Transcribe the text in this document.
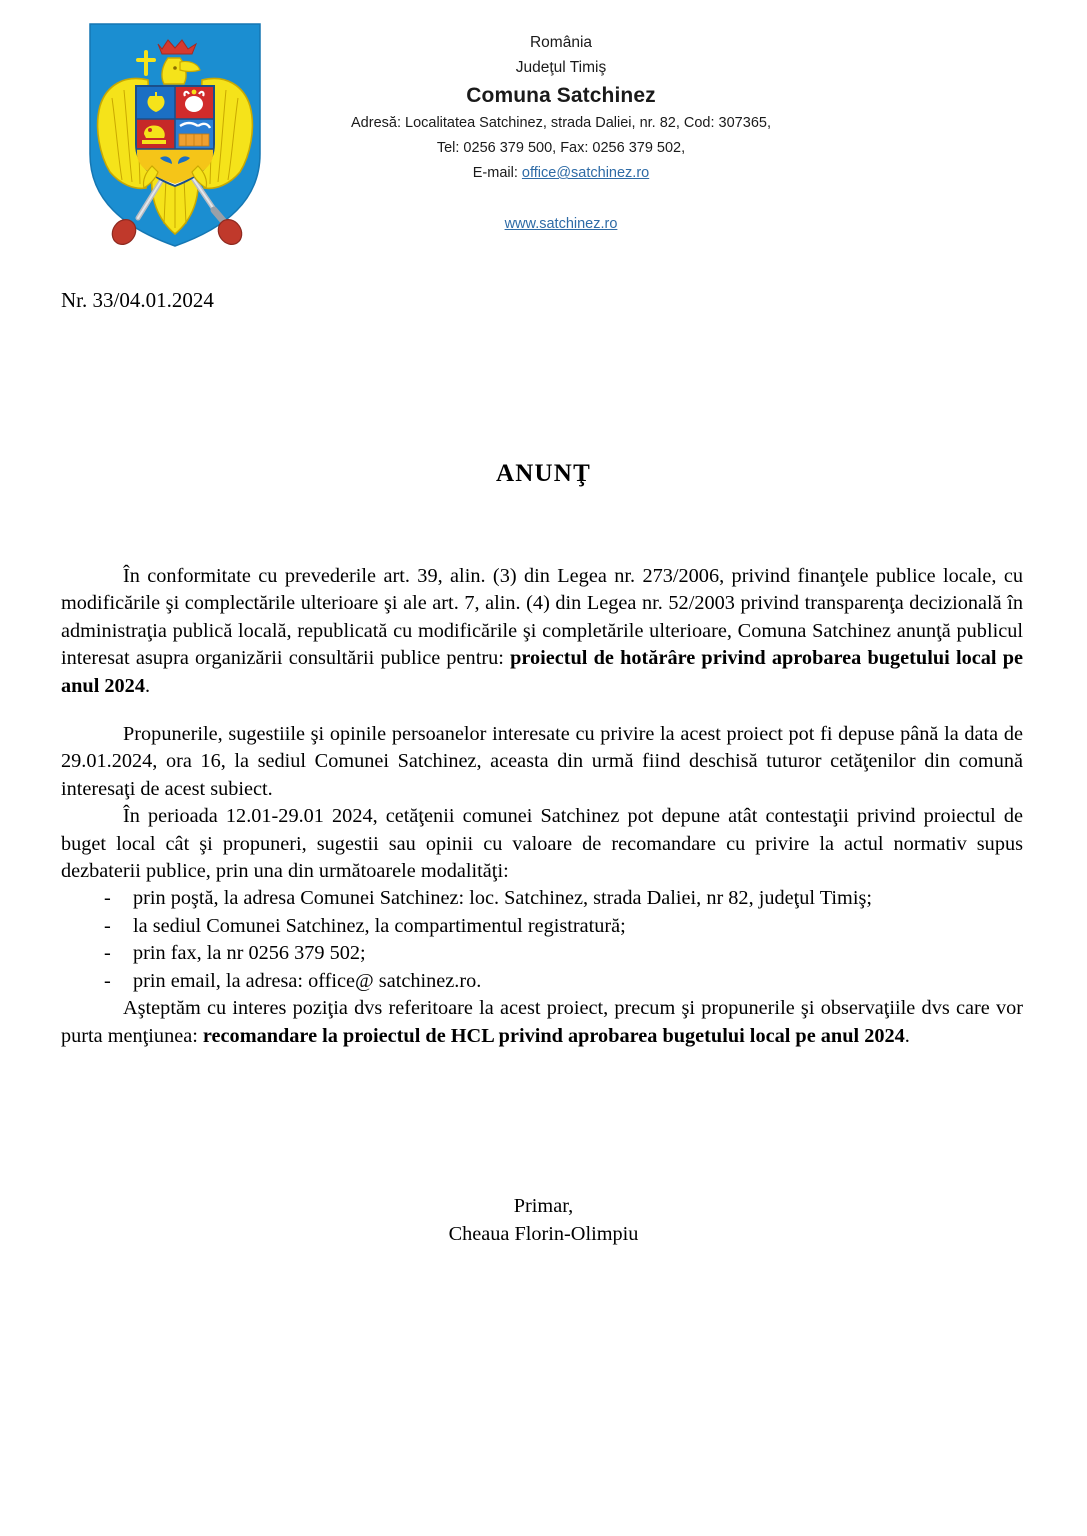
România
Judeţul Timiş
Comuna Satchinez
Adresă: Localitatea Satchinez, strada Daliei, nr. 82, Cod: 307365,
Tel: 0256 379 500, Fax: 0256 379 502,
E-mail: office@satchinez.ro
www.satchinez.ro
Nr. 33/04.01.2024
ANUNŢ

În conformitate cu prevederile art. 39, alin. (3) din Legea nr. 273/2006, privind finanţele publice locale, cu modificările şi complectările ulterioare şi ale art. 7, alin. (4) din Legea nr. 52/2003 privind transparenţa decizională în administraţia publică locală, republicată cu modificările şi completările ulterioare, Comuna Satchinez anunţă publicul interesat asupra organizării consultării publice pentru: proiectul de hotărâre privind aprobarea bugetului local pe anul 2024.

Propunerile, sugestiile şi opinile persoanelor interesate cu privire la acest proiect pot fi depuse până la data de 29.01.2024, ora 16, la sediul Comunei Satchinez, aceasta din urmă fiind deschisă tuturor cetăţenilor din comună interesaţi de acest subiect.

În perioada 12.01-29.01 2024, cetăţenii comunei Satchinez pot depune atât contestaţii privind proiectul de buget local cât şi propuneri, sugestii sau opinii cu valoare de recomandare cu privire la actul normativ supus dezbaterii publice, prin una din următoarele modalităţi:

- prin poştă, la adresa Comunei Satchinez: loc. Satchinez, strada Daliei, nr 82, judeţul Timiş;
- la sediul Comunei Satchinez, la compartimentul registratură;
- prin fax, la nr 0256 379 502;
- prin email, la adresa: office@ satchinez.ro.

Aşteptăm cu interes poziţia dvs referitoare la acest proiect, precum şi propunerile şi observaţiile dvs care vor purta menţiunea: recomandare la proiectul de HCL privind aprobarea bugetului local pe anul 2024.

Primar,
Cheaua Florin-Olimpiu
